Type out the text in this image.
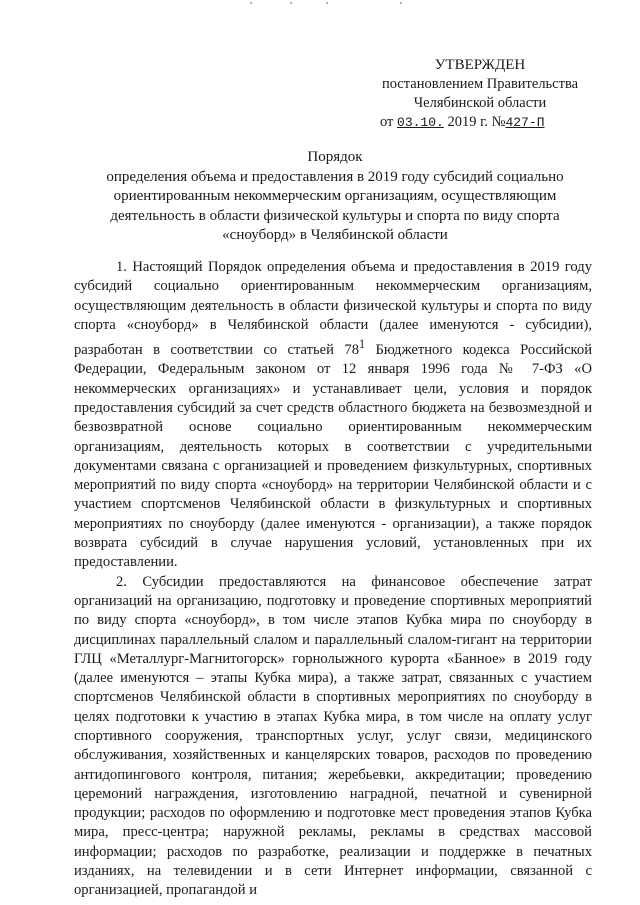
УТВЕРЖДЕН
постановлением Правительства
Челябинской области
от 03.10. 2019 г. №427-П
Порядок
определения объема и предоставления в 2019 году субсидий социально
ориентированным некоммерческим организациям, осуществляющим
деятельность в области физической культуры и спорта по виду спорта
«сноуборд» в Челябинской области

1. Настоящий Порядок определения объема и предоставления в 2019 году субсидий социально ориентированным некоммерческим организациям, осуществляющим деятельность в области физической культуры и спорта по виду спорта «сноуборд» в Челябинской области (далее именуются - субсидии), разработан в соответствии со статьей $78^1$ Бюджетного кодекса Российской Федерации, Федеральным законом от 12 января 1996 года № 7-ФЗ «О некоммерческих организациях» и устанавливает цели, условия и порядок предоставления субсидий за счет средств областного бюджета на безвозмездной и безвозвратной основе социально ориентированным некоммерческим организациям, деятельность которых в соответствии с учредительными документами связана с организацией и проведением физкультурных, спортивных мероприятий по виду спорта «сноуборд» на территории Челябинской области и с участием спортсменов Челябинской области в физкультурных и спортивных мероприятиях по сноуборду (далее именуются - организации), а также порядок возврата субсидий в случае нарушения условий, установленных при их предоставлении.

2. Субсидии предоставляются на финансовое обеспечение затрат организаций на организацию, подготовку и проведение спортивных мероприятий по виду спорта «сноуборд», в том числе этапов Кубка мира по сноуборду в дисциплинах параллельный слалом и параллельный слалом-гигант на территории ГЛЦ «Металлург-Магнитогорск» горнолыжного курорта «Банное» в 2019 году (далее именуются – этапы Кубка мира), а также затрат, связанных с участием спортсменов Челябинской области в спортивных мероприятиях по сноуборду в целях подготовки к участию в этапах Кубка мира, в том числе на оплату услуг спортивного сооружения, транспортных услуг, услуг связи, медицинского обслуживания, хозяйственных и канцелярских товаров, расходов по проведению антидопингового контроля, питания; жеребьевки, аккредитации; проведению церемоний награждения, изготовлению наградной, печатной и сувенирной продукции; расходов по оформлению и подготовке мест проведения этапов Кубка мира, пресс-центра; наружной рекламы, рекламы в средствах массовой информации; расходов по разработке, реализации и поддержке в печатных изданиях, на телевидении и в сети Интернет информации, связанной с организацией, пропагандой и
